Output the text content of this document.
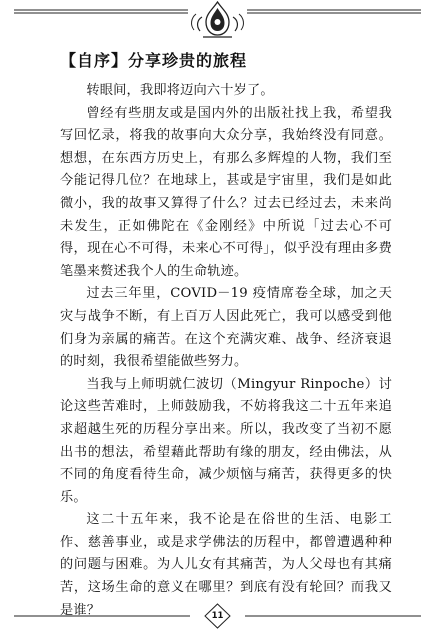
【自序】分享珍贵的旅程

转眼间，我即将迈向六十岁了。

曾经有些朋友或是国内外的出版社找上我，希望我写回忆录，将我的故事向大众分享，我始终没有同意。想想，在东西方历史上，有那么多辉煌的人物，我们至今能记得几位？在地球上，甚或是宇宙里，我们是如此微小，我的故事又算得了什么？过去已经过去，未来尚未发生，正如佛陀在《金刚经》中所说「过去心不可得，现在心不可得，未来心不可得」，似乎没有理由多费笔墨来赘述我个人的生命轨迹。

过去三年里，COVID－19 疫情席卷全球，加之天灾与战争不断，有上百万人因此死亡，我可以感受到他们身为亲属的痛苦。在这个充满灾难、战争、经济衰退的时刻，我很希望能做些努力。

当我与上师明就仁波切（Mingyur Rinpoche）讨论这些苦难时，上师鼓励我，不妨将我这二十五年来追求超越生死的历程分享出来。所以，我改变了当初不愿出书的想法，希望藉此帮助有缘的朋友，经由佛法，从不同的角度看待生命，减少烦恼与痛苦，获得更多的快乐。

这二十五年来，我不论是在俗世的生活、电影工作、慈善事业，或是求学佛法的历程中，都曾遭遇种种的问题与困难。为人儿女有其痛苦，为人父母也有其痛苦，这场生命的意义在哪里？到底有没有轮回？而我又是谁？	11
